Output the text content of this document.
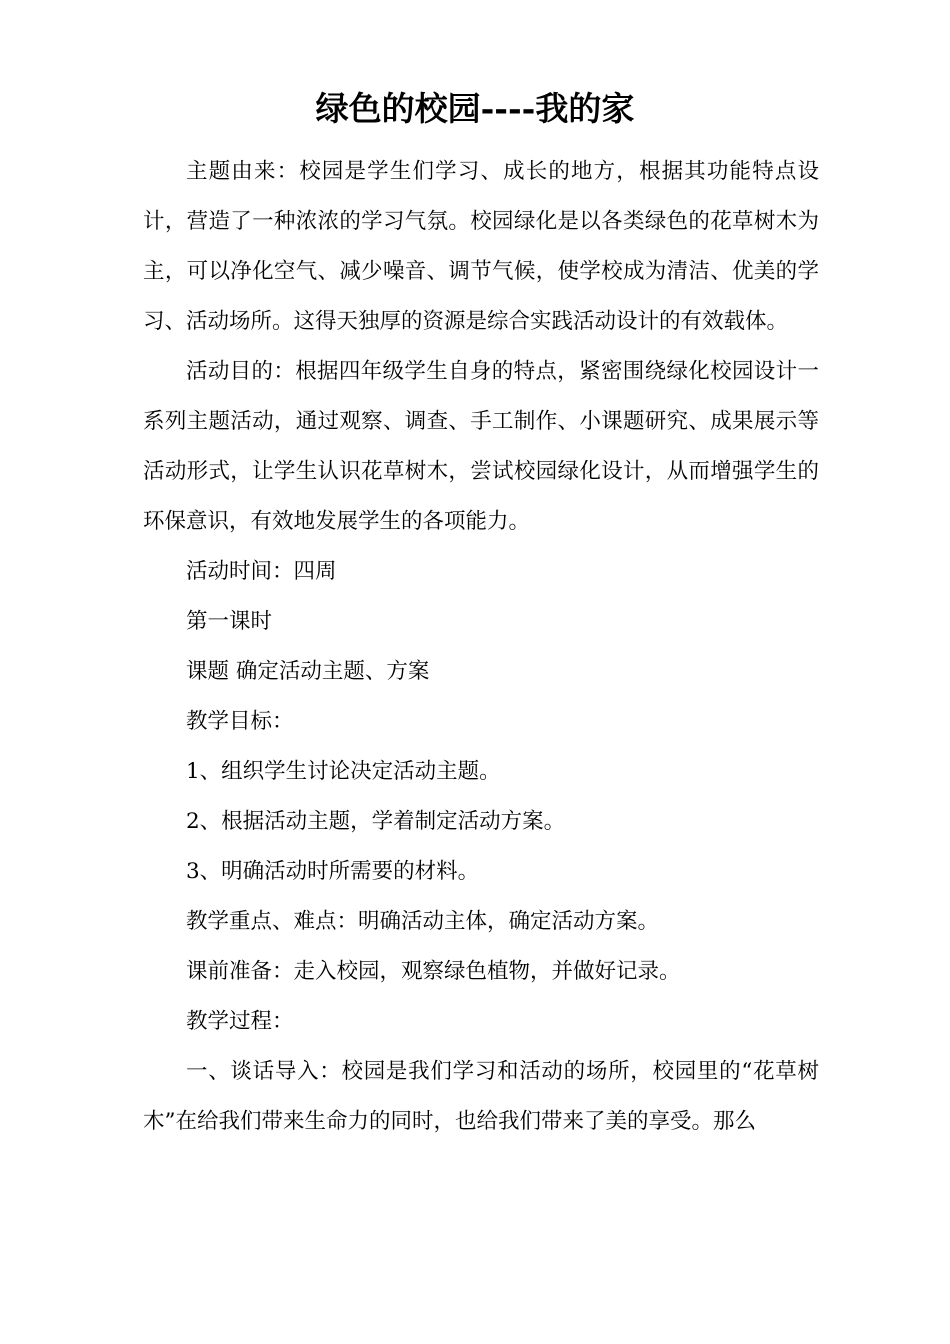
绿色的校园----我的家

主题由来：校园是学生们学习、成长的地方，根据其功能特点设计，营造了一种浓浓的学习气氛。校园绿化是以各类绿色的花草树木为主，可以净化空气、减少噪音、调节气候，使学校成为清洁、优美的学习、活动场所。这得天独厚的资源是综合实践活动设计的有效载体。

活动目的：根据四年级学生自身的特点，紧密围绕绿化校园设计一系列主题活动，通过观察、调查、手工制作、小课题研究、成果展示等活动形式，让学生认识花草树木，尝试校园绿化设计，从而增强学生的环保意识，有效地发展学生的各项能力。

活动时间：四周

第一课时

课题 确定活动主题、方案

教学目标：

1、组织学生讨论决定活动主题。

2、根据活动主题，学着制定活动方案。

3、明确活动时所需要的材料。

教学重点、难点：明确活动主体，确定活动方案。

课前准备：走入校园，观察绿色植物，并做好记录。

教学过程：

一、谈话导入：校园是我们学习和活动的场所，校园里的“花草树木”在给我们带来生命力的同时，也给我们带来了美的享受。那么
